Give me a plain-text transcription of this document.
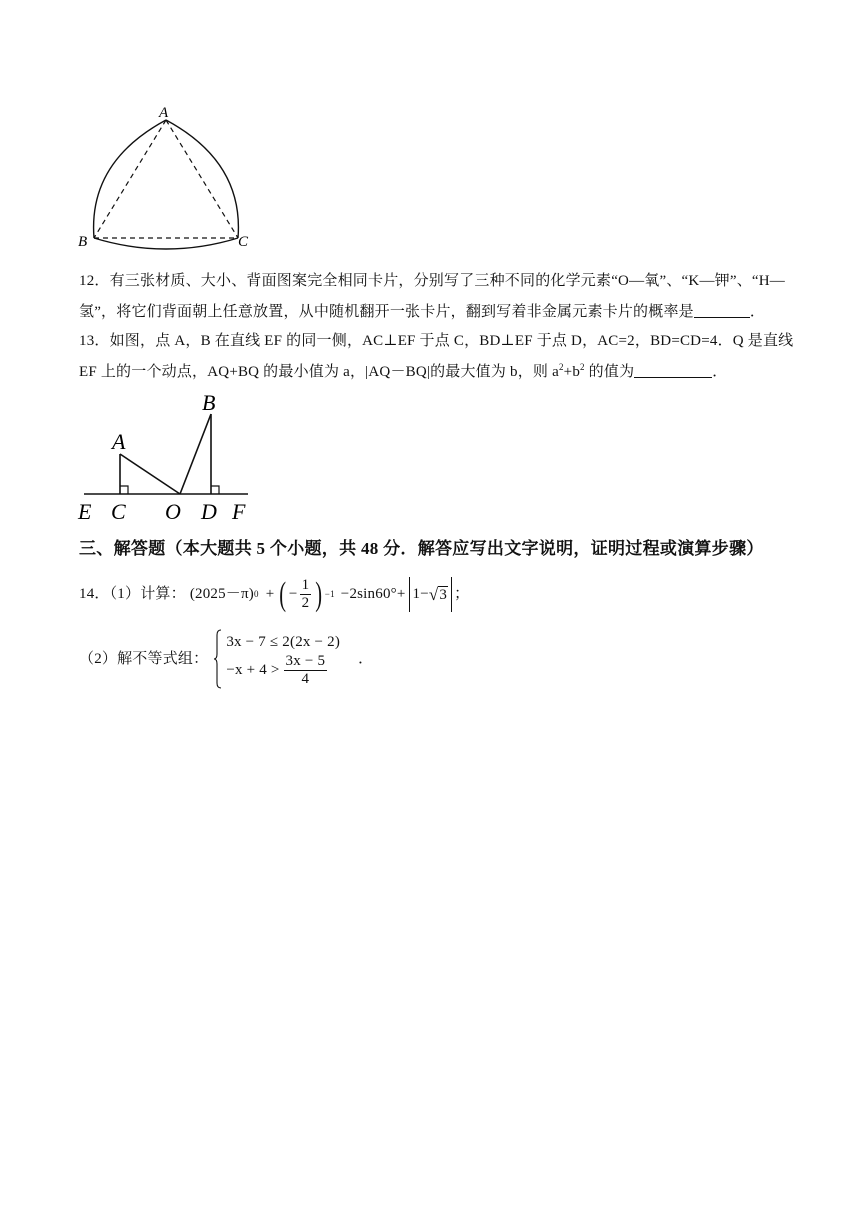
A
B	C
12．有三张材质、大小、背面图案完全相同卡片，分别写了三种不同的化学元素“O—氧”、“K—钾”、“H—
氢”，将它们背面朝上任意放置，从中随机翻开一张卡片，翻到写着非金属元素卡片的概率是	．
13．如图，点 A，B 在直线 EF 的同一侧，AC⊥EF 于点 C，BD⊥EF 于点 D，AC=2，BD=CD=4．Q 是直线
EF 上的一个动点，AQ+BQ 的最小值为 a，|AQ－BQ|的最大值为 b，则 $a^2+b^2$ 的值为	．
B
A
E C O D F
三、解答题（本大题共 5 个小题，共 48 分．解答应写出文字说明，证明过程或演算步骤）
14．（1）计算： (2025－π) 0 + ( − $\frac{1}{2}$ ) −1 −2sin60°+ 1− √ 3 ；
（2）解不等式组：
3x − 7 ≤ 2(2x − 2)
$-x + 4 > \frac{3x - 5}{4}$ ．
